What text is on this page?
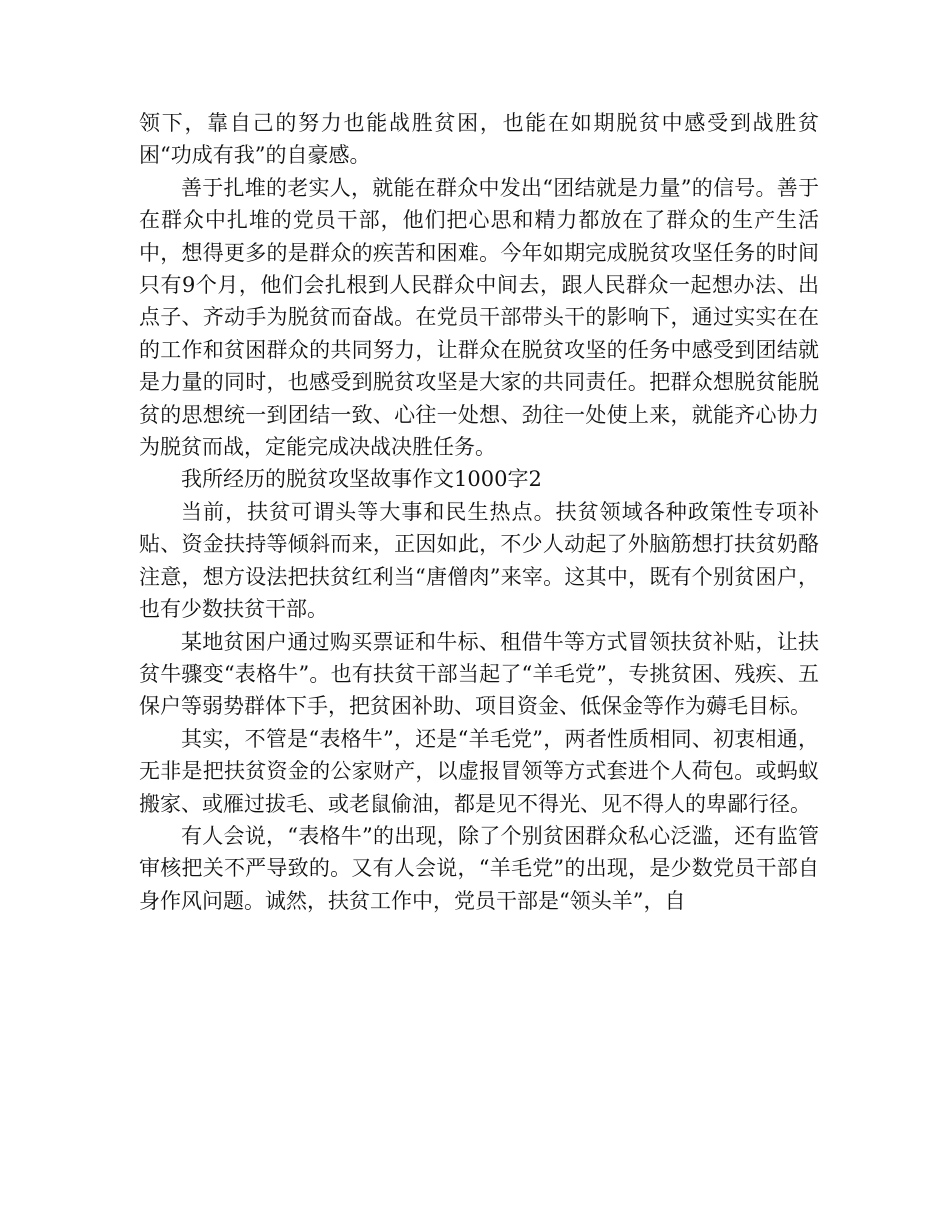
领下，靠自己的努力也能战胜贫困，也能在如期脱贫中感受到战胜贫困“功成有我”的自豪感。

善于扎堆的老实人，就能在群众中发出“团结就是力量”的信号。善于在群众中扎堆的党员干部，他们把心思和精力都放在了群众的生产生活中，想得更多的是群众的疾苦和困难。今年如期完成脱贫攻坚任务的时间只有9个月，他们会扎根到人民群众中间去，跟人民群众一起想办法、出点子、齐动手为脱贫而奋战。在党员干部带头干的影响下，通过实实在在的工作和贫困群众的共同努力，让群众在脱贫攻坚的任务中感受到团结就是力量的同时，也感受到脱贫攻坚是大家的共同责任。把群众想脱贫能脱贫的思想统一到团结一致、心往一处想、劲往一处使上来，就能齐心协力为脱贫而战，定能完成决战决胜任务。

我所经历的脱贫攻坚故事作文1000字2

当前，扶贫可谓头等大事和民生热点。扶贫领域各种政策性专项补贴、资金扶持等倾斜而来，正因如此，不少人动起了外脑筋想打扶贫奶酪注意，想方设法把扶贫红利当“唐僧肉”来宰。这其中，既有个别贫困户，也有少数扶贫干部。

某地贫困户通过购买票证和牛标、租借牛等方式冒领扶贫补贴，让扶贫牛骤变“表格牛”。也有扶贫干部当起了“羊毛党”，专挑贫困、残疾、五保户等弱势群体下手，把贫困补助、项目资金、低保金等作为薅毛目标。

其实，不管是“表格牛”，还是“羊毛党”，两者性质相同、初衷相通，无非是把扶贫资金的公家财产，以虚报冒领等方式套进个人荷包。或蚂蚁搬家、或雁过拔毛、或老鼠偷油，都是见不得光、见不得人的卑鄙行径。

有人会说，“表格牛”的出现，除了个别贫困群众私心泛滥，还有监管审核把关不严导致的。又有人会说，“羊毛党”的出现，是少数党员干部自身作风问题。诚然，扶贫工作中，党员干部是“领头羊”，自
